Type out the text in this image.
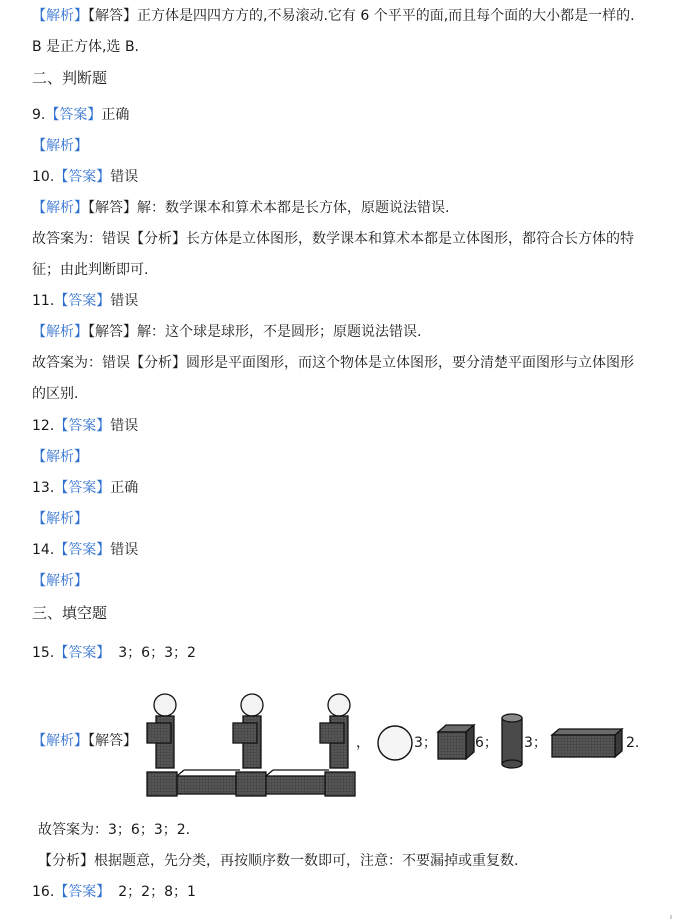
【解析】【解答】正方体是四四方方的,不易滚动.它有 6 个平平的面,而且每个面的大小都是一样的.
B 是正方体,选 B.
二、判断题
9.【答案】正确
【解析】
10.【答案】错误
【解析】【解答】解：数学课本和算术本都是长方体，原题说法错误.
故答案为：错误【分析】长方体是立体图形，数学课本和算术本都是立体图形，都符合长方体的特
征；由此判断即可.
11.【答案】错误
【解析】【解答】解：这个球是球形，不是圆形；原题说法错误.
故答案为：错误【分析】圆形是平面图形，而这个物体是立体图形，要分清楚平面图形与立体图形
的区别.
12.【答案】错误
【解析】
13.【答案】正确
【解析】
14.【答案】错误
【解析】
三、填空题
15.【答案】 3；6；3；2
【解析】【解答】	，	3；	6； 3；	2.
故答案为：3；6；3；2.
【分析】根据题意，先分类，再按顺序数一数即可，注意：不要漏掉或重复数.
16.【答案】 2；2；8；1
